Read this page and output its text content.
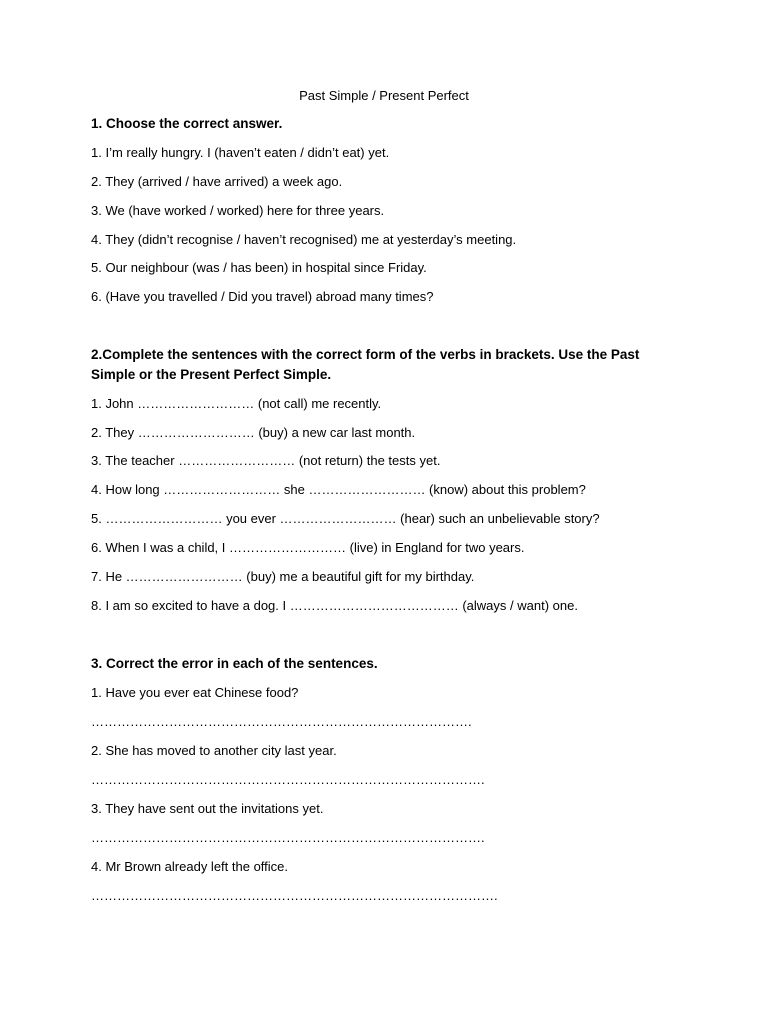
Past Simple / Present Perfect
1. Choose the correct answer.
1. I’m really hungry. I (haven’t eaten / didn’t eat) yet.
2. They (arrived / have arrived) a week ago.
3. We (have worked / worked) here for three years.
4. They (didn’t recognise / haven’t recognised) me at yesterday’s meeting.
5. Our neighbour (was / has been) in hospital since Friday.
6. (Have you travelled / Did you travel) abroad many times?
2.Complete the sentences with the correct form of the verbs in brackets. Use the Past Simple or the Present Perfect Simple.
1. John ……………………… (not call) me recently.
2. They ……………………… (buy) a new car last month.
3. The teacher ……………………… (not return) the tests yet.
4. How long ……………………… she ……………………… (know) about this problem?
5. ……………………… you ever ……………………… (hear) such an unbelievable story?
6. When I was a child, I ……………………… (live) in England for two years.
7. He ……………………… (buy) me a beautiful gift for my birthday.
8. I am so excited to have a dog. I ………………………………… (always / want) one.
3. Correct the error in each of the sentences.
1. Have you ever eat Chinese food?
…………………………………………………………………………….
2. She has moved to another city last year.
……………………………………………………………………………….
3. They have sent out the invitations yet.
……………………………………………………………………………….
4. Mr Brown already left the office.
………………………………………………………………………………….
